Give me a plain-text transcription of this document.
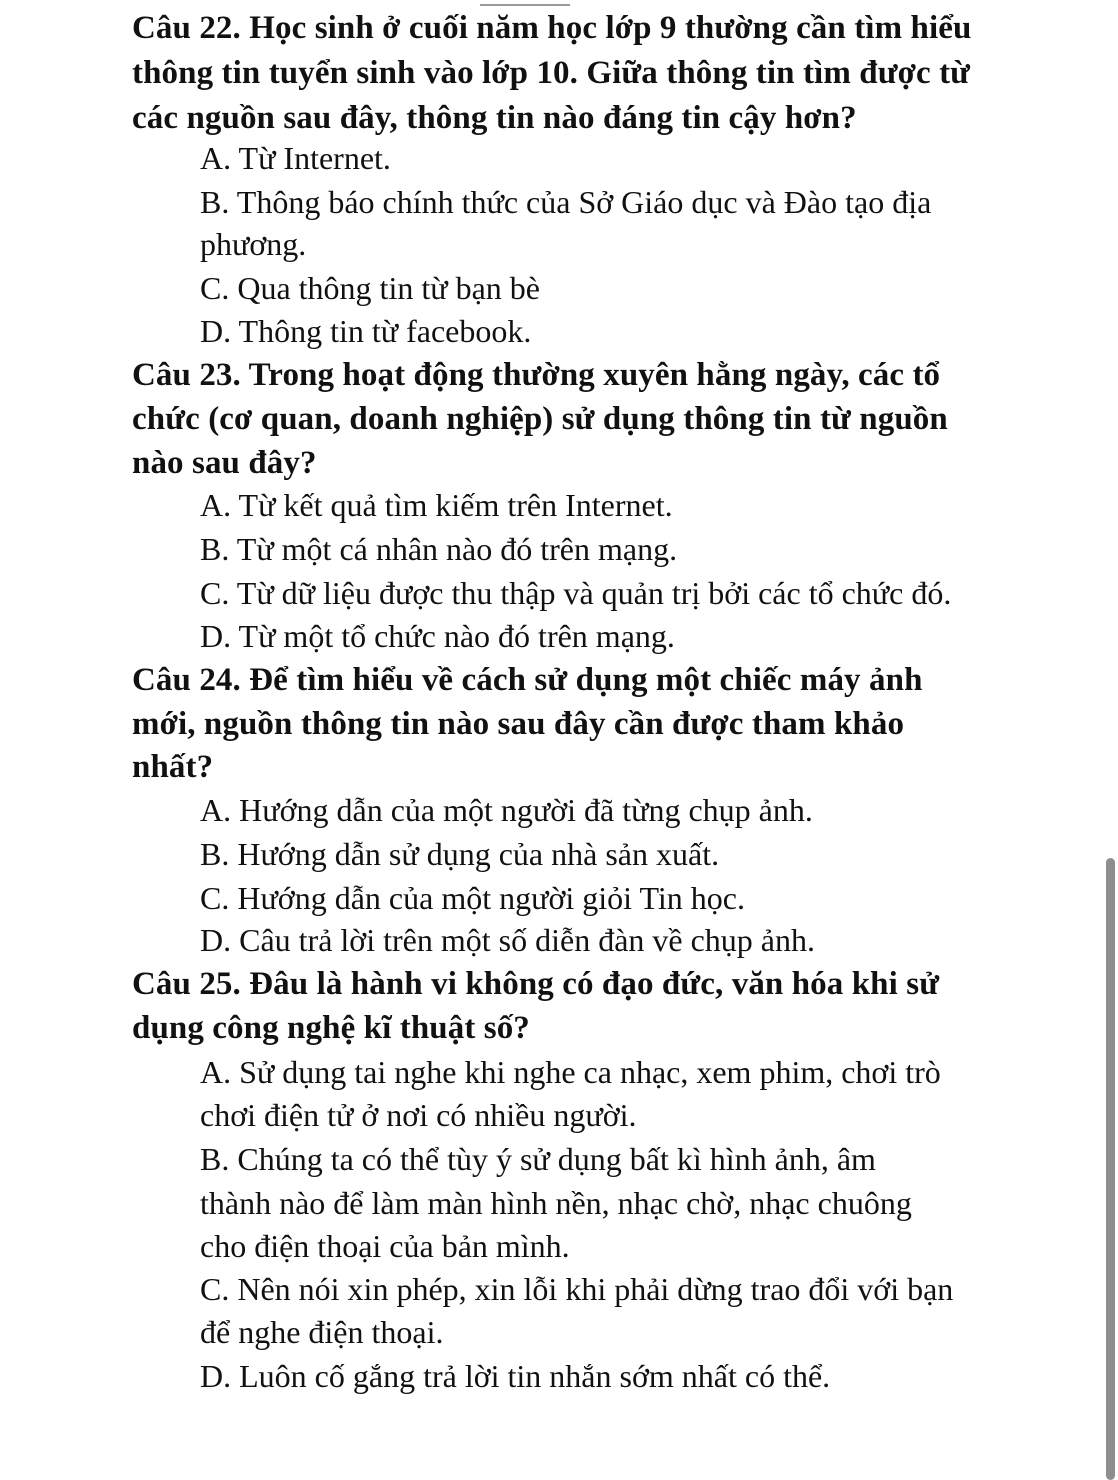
Câu 22. Học sinh ở cuối năm học lớp 9 thường cần tìm hiểu
thông tin tuyển sinh vào lớp 10. Giữa thông tin tìm được từ
các nguồn sau đây, thông tin nào đáng tin cậy hơn?
A. Từ Internet.
B. Thông báo chính thức của Sở Giáo dục và Đào tạo địa
phương.
C. Qua thông tin từ bạn bè
D. Thông tin từ facebook.
Câu 23. Trong hoạt động thường xuyên hằng ngày, các tổ
chức (cơ quan, doanh nghiệp) sử dụng thông tin từ nguồn
nào sau đây?
A. Từ kết quả tìm kiếm trên Internet.
B. Từ một cá nhân nào đó trên mạng.
C. Từ dữ liệu được thu thập và quản trị bởi các tổ chức đó.
D. Từ một tổ chức nào đó trên mạng.
Câu 24. Để tìm hiểu về cách sử dụng một chiếc máy ảnh
mới, nguồn thông tin nào sau đây cần được tham khảo
nhất?
A. Hướng dẫn của một người đã từng chụp ảnh.
B. Hướng dẫn sử dụng của nhà sản xuất.
C. Hướng dẫn của một người giỏi Tin học.
D. Câu trả lời trên một số diễn đàn về chụp ảnh.
Câu 25. Đâu là hành vi không có đạo đức, văn hóa khi sử
dụng công nghệ kĩ thuật số?
A. Sử dụng tai nghe khi nghe ca nhạc, xem phim, chơi trò
chơi điện tử ở nơi có nhiều người.
B. Chúng ta có thể tùy ý sử dụng bất kì hình ảnh, âm
thành nào để làm màn hình nền, nhạc chờ, nhạc chuông
cho điện thoại của bản mình.
C. Nên nói xin phép, xin lỗi khi phải dừng trao đổi với bạn
để nghe điện thoại.
D. Luôn cố gắng trả lời tin nhắn sớm nhất có thể.
